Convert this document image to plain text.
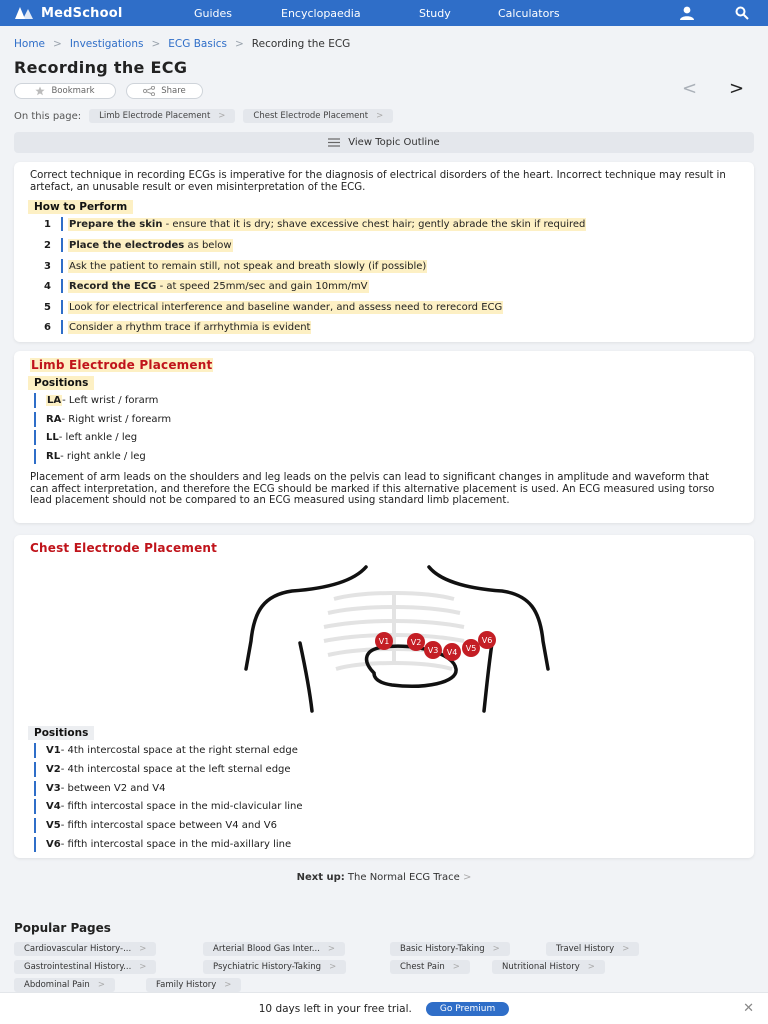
MedSchool	Guides	Encyclopaedia	Study	Calculators
Home > Investigations > ECG Basics > Recording the ECG
Recording the ECG
Bookmark	Share	< >
On this page:	Limb Electrode Placement >	Chest Electrode Placement >
View Topic Outline
Correct technique in recording ECGs is imperative for the diagnosis of electrical disorders of the heart. Incorrect technique may result in artefact, an unusable result or even misinterpretation of the ECG.
How to Perform
1	Prepare the skin - ensure that it is dry; shave excessive chest hair; gently abrade the skin if required
2	Place the electrodes as below
3	Ask the patient to remain still, not speak and breath slowly (if possible)
4	Record the ECG - at speed 25mm/sec and gain 10mm/mV
5	Look for electrical interference and baseline wander, and assess need to rerecord ECG
6	Consider a rhythm trace if arrhythmia is evident
Limb Electrode Placement
Positions
LA - Left wrist / forarm
RA - Right wrist / forearm
LL - left ankle / leg
RL - right ankle / leg
Placement of arm leads on the shoulders and leg leads on the pelvis can lead to significant changes in amplitude and waveform that can affect interpretation, and therefore the ECG should be marked if this alternative placement is used. An ECG measured using torso lead placement should not be compared to an ECG measured using standard limb placement.
Chest Electrode Placement
V1	V2
V3 V4 V5
V6
Positions
V1 - 4th intercostal space at the right sternal edge
V2 - 4th intercostal space at the left sternal edge
V3 - between V2 and V4
V4 - fifth intercostal space in the mid-clavicular line
V5 - fifth intercostal space between V4 and V6
V6 - fifth intercostal space in the mid-axillary line
Next up: The Normal ECG Trace >
Popular Pages
Cardiovascular History-... >	Arterial Blood Gas Inter... >	Basic History-Taking >	Travel History >
Gastrointestinal History... >	Psychiatric History-Taking >	Chest Pain >	Nutritional History >
Abdominal Pain >	Family History >
10 days left in your free trial.	Go Premium	✕
